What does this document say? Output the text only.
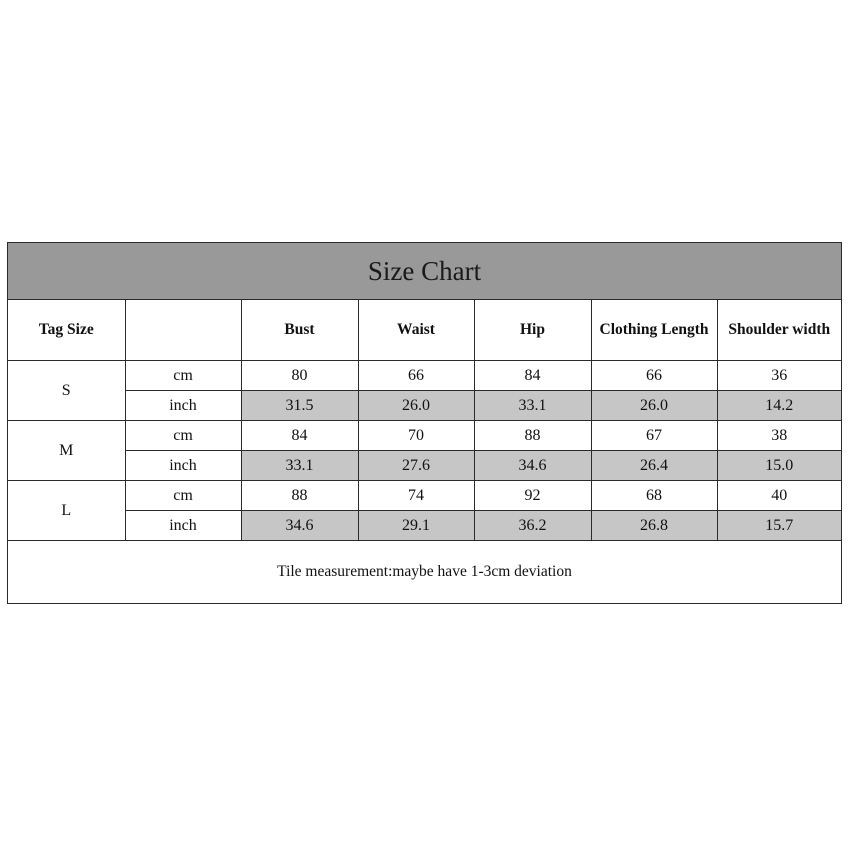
Size Chart
Tag Size		Bust	Waist	Hip	Clothing Length	Shoulder width
S	cm	80	66	84	66	36
	inch	31.5	26.0	33.1	26.0	14.2
M	cm	84	70	88	67	38
	inch	33.1	27.6	34.6	26.4	15.0
L	cm	88	74	92	68	40
	inch	34.6	29.1	36.2	26.8	15.7
Tile measurement:maybe have 1-3cm deviation						
